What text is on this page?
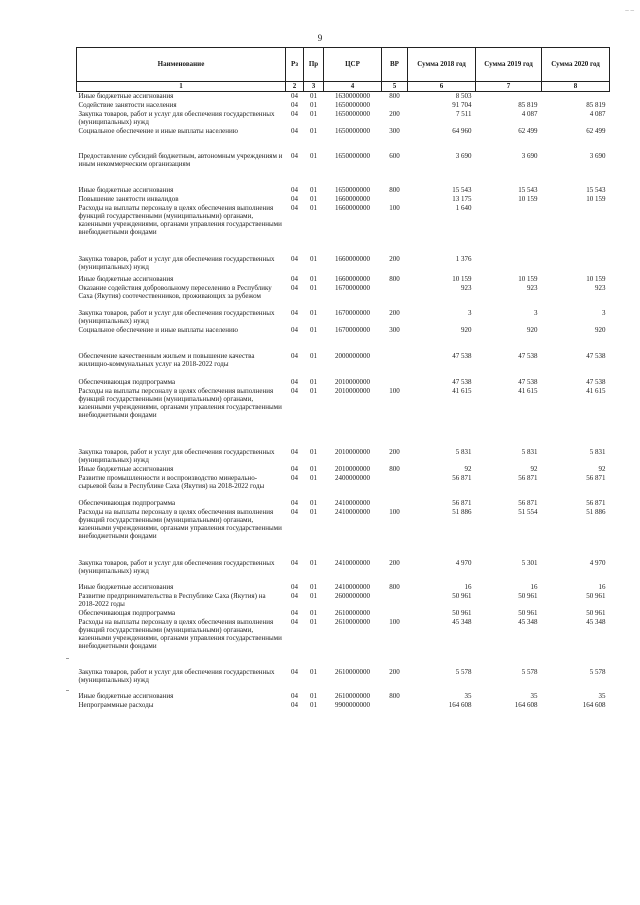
– –
9
Наименование	Рз	Пр	ЦСР	ВР	Сумма 2018 год	Сумма 2019 год	Сумма 2020 год
1	2	3	4	5	6	7	8
Иные бюджетные ассигнования	04	01	1630000000	800	8 503		
Содействие занятости населения	04	01	1650000000		91 704	85 819	85 819
Закупка товаров, работ и услуг для обеспечения государственных (муниципальных) нужд	04	01	1650000000	200	7 511	4 087	4 087
Социальное обеспечение и иные выплаты населению	04	01	1650000000	300	64 960	62 499	62 499
Предоставление субсидий бюджетным, автономным учреждениям и иным некоммерческим организациям	04	01	1650000000	600	3 690	3 690	3 690
Иные бюджетные ассигнования	04	01	1650000000	800	15 543	15 543	15 543
Повышение занятости инвалидов	04	01	1660000000		13 175	10 159	10 159
Расходы на выплаты персоналу в целях обеспечения выполнения функций государственными (муниципальными) органами, казенными учреждениями, органами управления государственными внебюджетными фондами	04	01	1660000000	100	1 640		
Закупка товаров, работ и услуг для обеспечения государственных (муниципальных) нужд	04	01	1660000000	200	1 376		
Иные бюджетные ассигнования	04	01	1660000000	800	10 159	10 159	10 159
Оказание содействия добровольному переселению в Республику Саха (Якутия) соотечественников, проживающих за рубежом	04	01	1670000000		923	923	923
Закупка товаров, работ и услуг для обеспечения государственных (муниципальных) нужд	04	01	1670000000	200	3	3	3
Социальное обеспечение и иные выплаты населению	04	01	1670000000	300	920	920	920
Обеспечение качественным жильем и повышение качества жилищно-коммунальных услуг на 2018-2022 годы	04	01	2000000000		47 538	47 538	47 538
Обеспечивающая подпрограмма	04	01	2010000000		47 538	47 538	47 538
Расходы на выплаты персоналу в целях обеспечения выполнения функций государственными (муниципальными) органами, казенными учреждениями, органами управления государственными внебюджетными фондами	04	01	2010000000	100	41 615	41 615	41 615
Закупка товаров, работ и услуг для обеспечения государственных (муниципальных) нужд	04	01	2010000000	200	5 831	5 831	5 831
Иные бюджетные ассигнования	04	01	2010000000	800	92	92	92
Развитие промышленности и воспроизводство минерально-сырьевой базы в Республике Саха (Якутия) на 2018-2022 годы	04	01	2400000000		56 871	56 871	56 871
Обеспечивающая подпрограмма	04	01	2410000000		56 871	56 871	56 871
Расходы на выплаты персоналу в целях обеспечения выполнения функций государственными (муниципальными) органами, казенными учреждениями, органами управления государственными внебюджетными фондами	04	01	2410000000	100	51 886	51 554	51 886
Закупка товаров, работ и услуг для обеспечения государственных (муниципальных) нужд	04	01	2410000000	200	4 970	5 301	4 970
Иные бюджетные ассигнования	04	01	2410000000	800	16	16	16
Развитие предпринимательства в Республике Саха (Якутия) на 2018-2022 годы	04	01	2600000000		50 961	50 961	50 961
Обеспечивающая подпрограмма	04	01	2610000000		50 961	50 961	50 961
Расходы на выплаты персоналу в целях обеспечения выполнения функций государственными (муниципальными) органами, казенными учреждениями, органами управления государственными внебюджетными фондами	04	01	2610000000	100	45 348	45 348	45 348
Закупка товаров, работ и услуг для обеспечения государственных (муниципальных) нужд	04	01	2610000000	200	5 578	5 578	5 578
Иные бюджетные ассигнования	04	01	2610000000	800	35	35	35
Непрограммные расходы	04	01	9900000000		164 608	164 608	164 608
